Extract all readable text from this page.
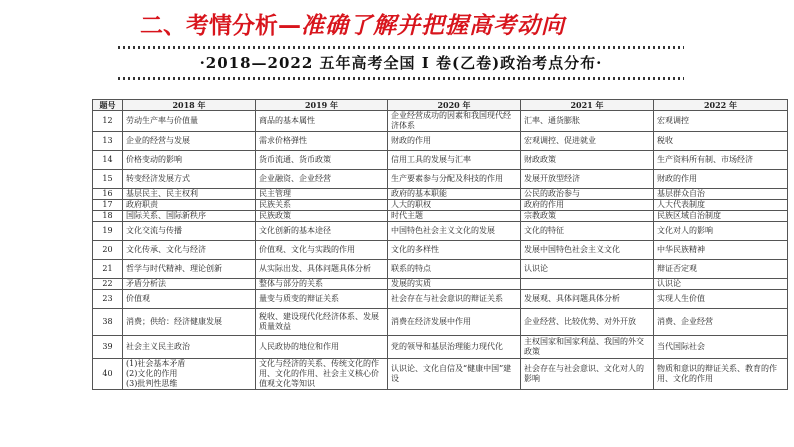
二、考情分析— 准确了解并把握高考动向
·2018—2022 五年高考全国 I 卷(乙卷)政治考点分布·
题号	2018 年	2019 年	2020 年	2021 年	2022 年
12	劳动生产率与价值量	商品的基本属性	企业经营成功的因素和我国现代经济体系	汇率、通货膨胀	宏观调控
13	企业的经营与发展	需求价格弹性	财政的作用	宏观调控、促进就业	税收
14	价格变动的影响	货币流通、货币政策	信用工具的发展与汇率	财政政策	生产资料所有制、市场经济
15	转变经济发展方式	企业融资、企业经营	生产要素参与分配及科技的作用	发展开放型经济	财政的作用
16	基层民主、民主权利	民主管理	政府的基本职能	公民的政治参与	基层群众自治
17	政府职责	民族关系	人大的职权	政府的作用	人大代表制度
18	国际关系、国际新秩序	民族政策	时代主题	宗教政策	民族区域自治制度
19	文化交流与传播	文化创新的基本途径	中国特色社会主义文化的发展	文化的特征	文化对人的影响
20	文化传承、文化与经济	价值观、文化与实践的作用	文化的多样性	发展中国特色社会主义文化	中华民族精神
21	哲学与时代精神、理论创新	从实际出发、具体问题具体分析	联系的特点	认识论	辩证否定观
22	矛盾分析法	整体与部分的关系	发展的实质		认识论
23	价值观	量变与质变的辩证关系	社会存在与社会意识的辩证关系	发展观、具体问题具体分析	实现人生价值
38	消费；供给：经济健康发展	税收、建设现代化经济体系、发展质量效益	消费在经济发展中作用	企业经营、比较优势、对外开放	消费、企业经营
39	社会主义民主政治	人民政协的地位和作用	党的领导和基层治理能力现代化	主权国家和国家利益、我国的外交政策	当代国际社会
40	(1)社会基本矛盾
(2)文化的作用
(3)批判性思维	文化与经济的关系、传统文化的作用、文化的作用、社会主义核心价值观文化等知识	认识论、文化自信及“健康中国”建设	社会存在与社会意识、文化对人的影响	物质和意识的辩证关系、教育的作用、文化的作用
